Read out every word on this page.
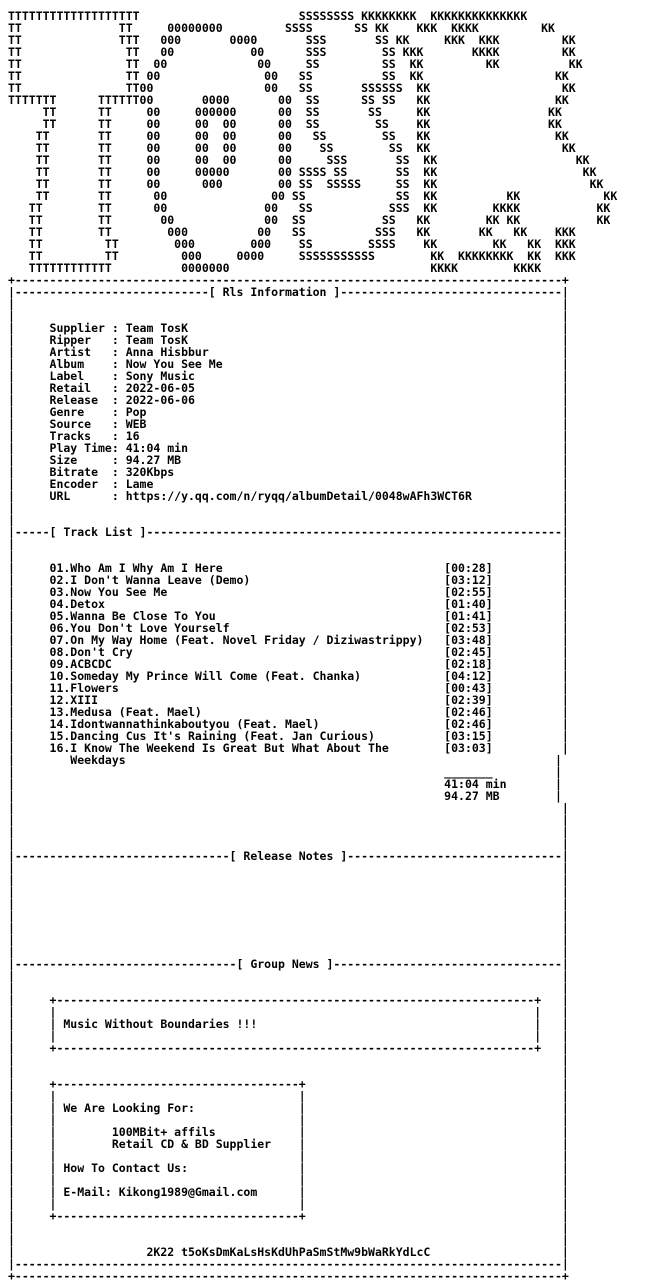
TTTTTTTTTTTTTTTTTTT                       SSSSSSSS KKKKKKKK  KKKKKKKKKKKKKK
TT              TT     00000000         SSSS      SS KK    KKK  KKKK         KK
TT              TTT   000       0000       SSS       SS KK     KKK  KKK         KK
TT               TT   00           00      SSS        SS KKK       KKKK         KK
TT               TT  00             00     SS         SS  KK         KK          KK
TT               TT 00               00   SS          SS  KK                   KK
TT               TT00                00   SS       SSSSSS  KK                   KK
TTTTTTT      TTTTTT00       0000       00  SS      SS SS   KK                  KK
TT      TT     00     000000      00  SS       SS     KK                 KK
TT      TT     00     00  00      00  SS        SS    KK                 KK
TT       TT     00     00  00      00   SS        SS   KK                  KK
TT       TT     00     00  00      00    SS        SS  KK                   KK
TT       TT     00     00  00      00     SSS       SS  KK                    KK
TT       TT     00     00000       00 SSSS SS       SS  KK                     KK
TT       TT     00      000        00 SS  SSSSS     SS  KK                      KK
TT       TT      00               00 SS             SS  KK          KK            KK
TT        TT      00              00   SS           SSS  KK        KKKK           KK
TT        TT       00             00  SS           SS   KK        KK KK           KK
TT        TT        000          00   SS          SSS   KK       KK   KK    KKK
TT         TT        000        000    SS        SSSS    KK        KK   KK  KKK
TT         TT         000     0000     SSSSSSSSSSS        KK  KKKKKKKK  KK  KKK
TTTTTTTTTTTT          0000000                             KKKK        KKKK
+-------------------------------------------------------------------------------+
|----------------------------[ Rls Information ]--------------------------------|
|                                                                               |
|                                                                               |
|     Supplier : Team TosK                                                      |
|     Ripper   : Team TosK                                                      |
|     Artist   : Anna Hisbbur                                                   |
|     Album    : Now You See Me                                                 |
|     Label    : Sony Music                                                     |
|     Retail   : 2022-06-05                                                     |
|     Release  : 2022-06-06                                                     |
|     Genre    : Pop                                                            |
|     Source   : WEB                                                            |
|     Tracks   : 16                                                             |
|     Play Time: 41:04 min                                                      |
|     Size     : 94.27 MB                                                       |
|     Bitrate  : 320Kbps                                                        |
|     Encoder  : Lame                                                           |
|     URL      : https://y.qq.com/n/ryqq/albumDetail/0048wAFh3WCT6R             |
|                                                                               |
|                                                                               |
|-----[ Track List ]------------------------------------------------------------|
|                                                                               |
|                                                                               |
|     01.Who Am I Why Am I Here                                [00:28]          |
|     02.I Don't Wanna Leave (Demo)                            [03:12]          |
|     03.Now You See Me                                        [02:55]          |
|     04.Detox                                                 [01:40]          |
|     05.Wanna Be Close To You                                 [01:41]          |
|     06.You Don't Love Yourself                               [02:53]          |
|     07.On My Way Home (Feat. Novel Friday / Diziwastrippy)   [03:48]          |
|     08.Don't Cry                                             [02:45]          |
|     09.ACBCDC                                                [02:18]          |
|     10.Someday My Prince Will Come (Feat. Chanka)            [04:12]          |
|     11.Flowers                                               [00:43]          |
|     12.XIII                                                  [02:39]          |
|     13.Medusa (Feat. Mael)                                   [02:46]          |
|     14.Idontwannathinkaboutyou (Feat. Mael)                  [02:46]          |
|     15.Dancing Cus It's Raining (Feat. Jan Curious)          [03:15]          |
|     16.I Know The Weekend Is Great But What About The        [03:03]          |
|        Weekdays                                                              |
|                                                              _______         |
|                                                              41:04 min       |
|                                                              94.27 MB        |
|                                                                               |
|                                                                               |
|                                                                               |
|                                                                               |
|-------------------------------[ Release Notes ]-------------------------------|
|                                                                               |
|                                                                               |
|                                                                               |
|                                                                               |
|                                                                               |
|                                                                               |
|                                                                               |
|                                                                               |
|--------------------------------[ Group News ]---------------------------------|
|                                                                               |
|                                                                               |
|     +---------------------------------------------------------------------+   |
|     |                                                                     |   |
|     | Music Without Boundaries !!!                                        |   |
|     |                                                                     |   |
|     +---------------------------------------------------------------------+   |
|                                                                               |
|                                                                               |
|     +-----------------------------------+                                     |
|     |                                   |                                     |
|     | We Are Looking For:               |                                     |
|     |                                   |                                     |
|     |        100MBit+ affils            |                                     |
|     |        Retail CD & BD Supplier    |                                     |
|     |                                   |                                     |
|     | How To Contact Us:                |                                     |
|     |                                   |                                     |
|     | E-Mail: Kikong1989@Gmail.com      |                                     |
|     |                                   |                                     |
|     +-----------------------------------+                                     |
|                                                                               |
|                                                                               |
|                   2K22 t5oKsDmKaLsHsKdUhPaSmStMw9bWaRkYdLcC                   |
|-------------------------------------------------------------------------------|
+-------------------------------------------------------------------------------+
